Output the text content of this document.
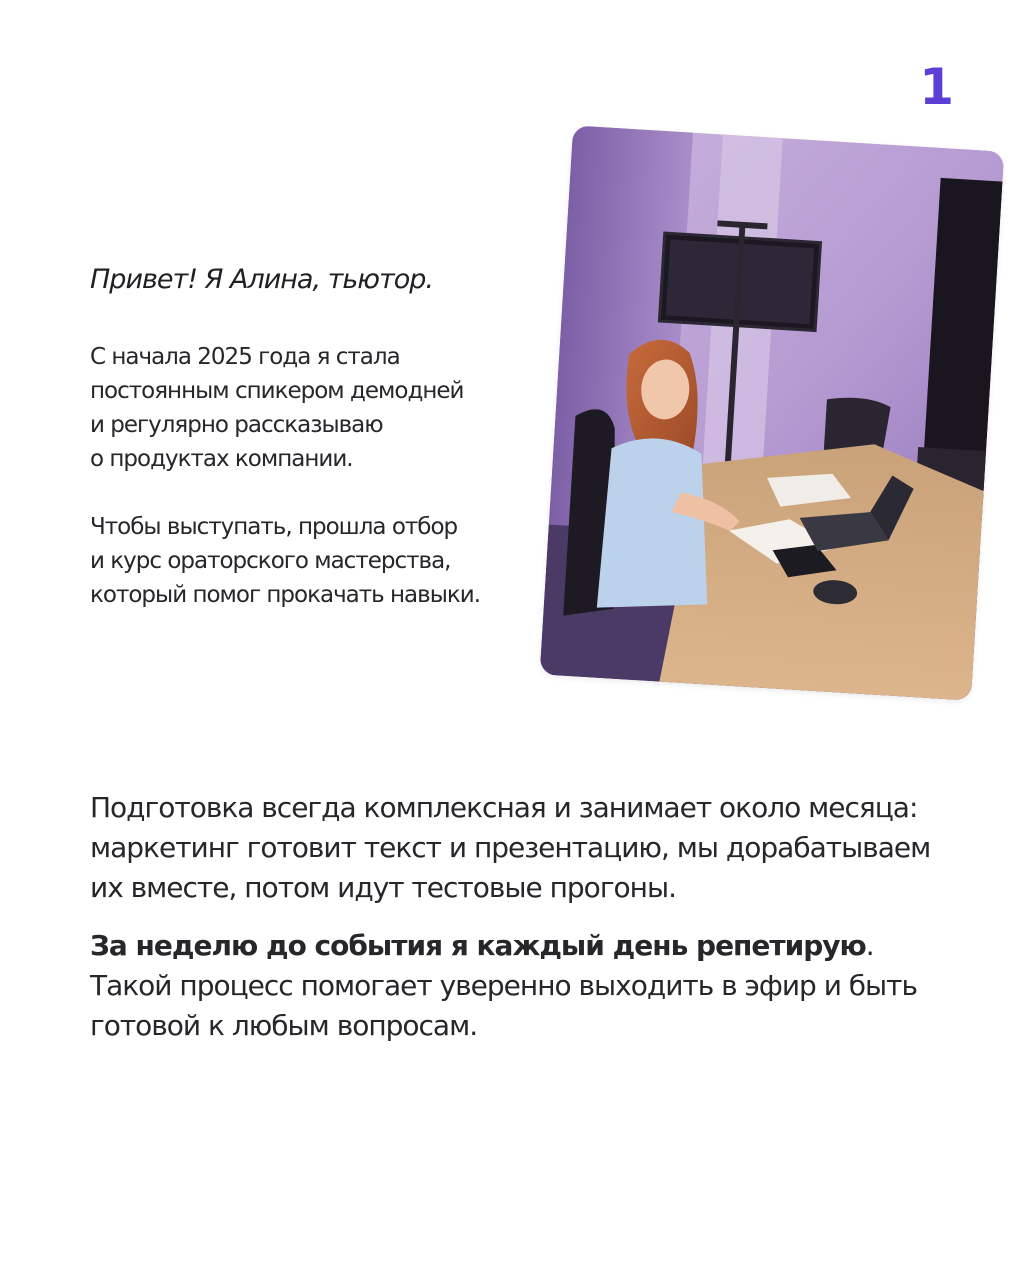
1
Привет! Я Алина, тьютор.

С начала 2025 года я стала
постоянным спикером демодней
и регулярно рассказываю
о продуктах компании.

Чтобы выступать, прошла отбор
и курс ораторского мастерства,
который помог прокачать навыки.

Подготовка всегда комплексная и занимает около месяца: маркетинг готовит текст и презентацию, мы дорабатываем их вместе, потом идут тестовые прогоны.

За неделю до события я каждый день репетирую. Такой процесс помогает уверенно выходить в эфир и быть готовой к любым вопросам.
